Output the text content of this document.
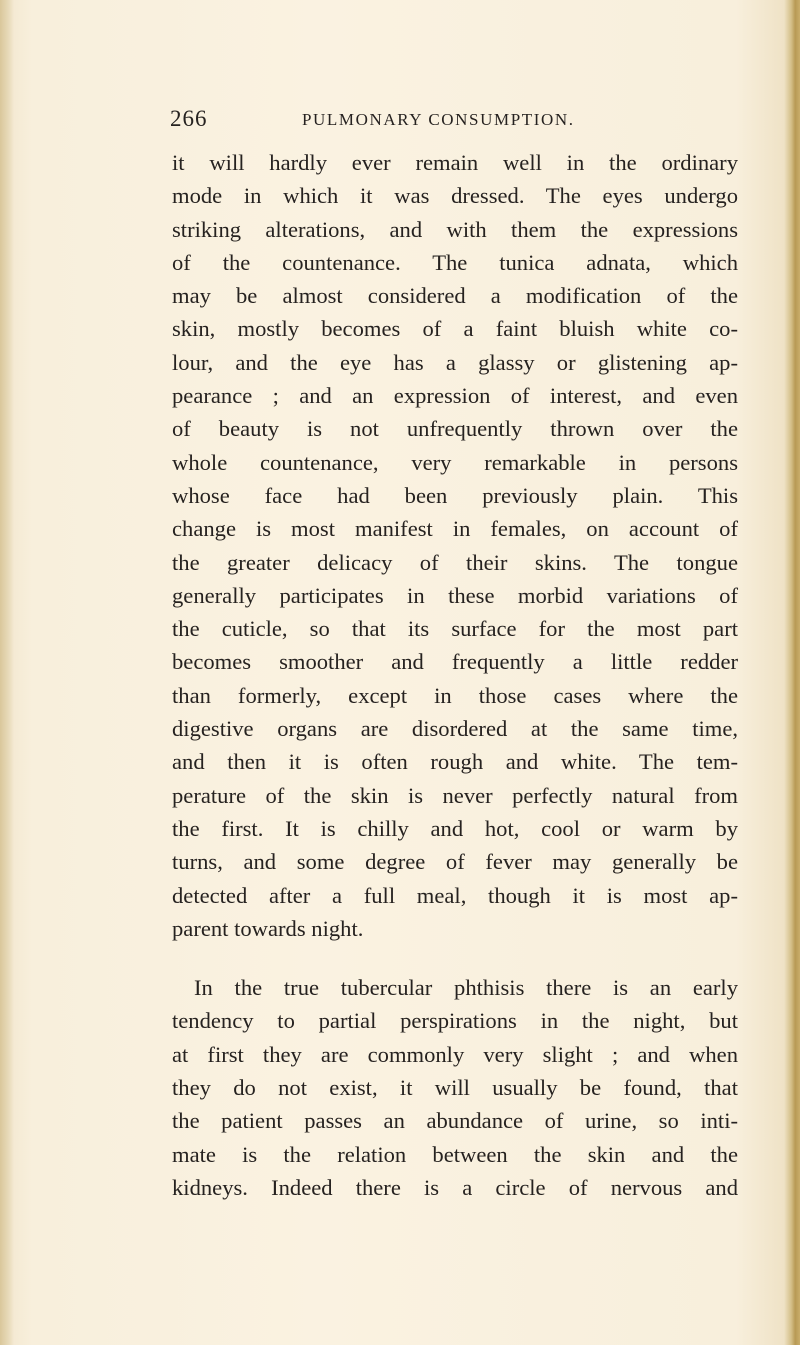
266	PULMONARY CONSUMPTION.

it will hardly ever remain well in the ordinary
mode in which it was dressed. The eyes undergo
striking alterations, and with them the expressions
of the countenance. The tunica adnata, which
may be almost considered a modification of the
skin, mostly becomes of a faint bluish white co-
lour, and the eye has a glassy or glistening ap-
pearance ; and an expression of interest, and even
of beauty is not unfrequently thrown over the
whole countenance, very remarkable in persons
whose face had been previously plain. This
change is most manifest in females, on account of
the greater delicacy of their skins. The tongue
generally participates in these morbid variations of
the cuticle, so that its surface for the most part
becomes smoother and frequently a little redder
than formerly, except in those cases where the
digestive organs are disordered at the same time,
and then it is often rough and white. The tem-
perature of the skin is never perfectly natural from
the first. It is chilly and hot, cool or warm by
turns, and some degree of fever may generally be
detected after a full meal, though it is most ap-
parent towards night.

In the true tubercular phthisis there is an early
tendency to partial perspirations in the night, but
at first they are commonly very slight ; and when
they do not exist, it will usually be found, that
the patient passes an abundance of urine, so inti-
mate is the relation between the skin and the
kidneys. Indeed there is a circle of nervous and
